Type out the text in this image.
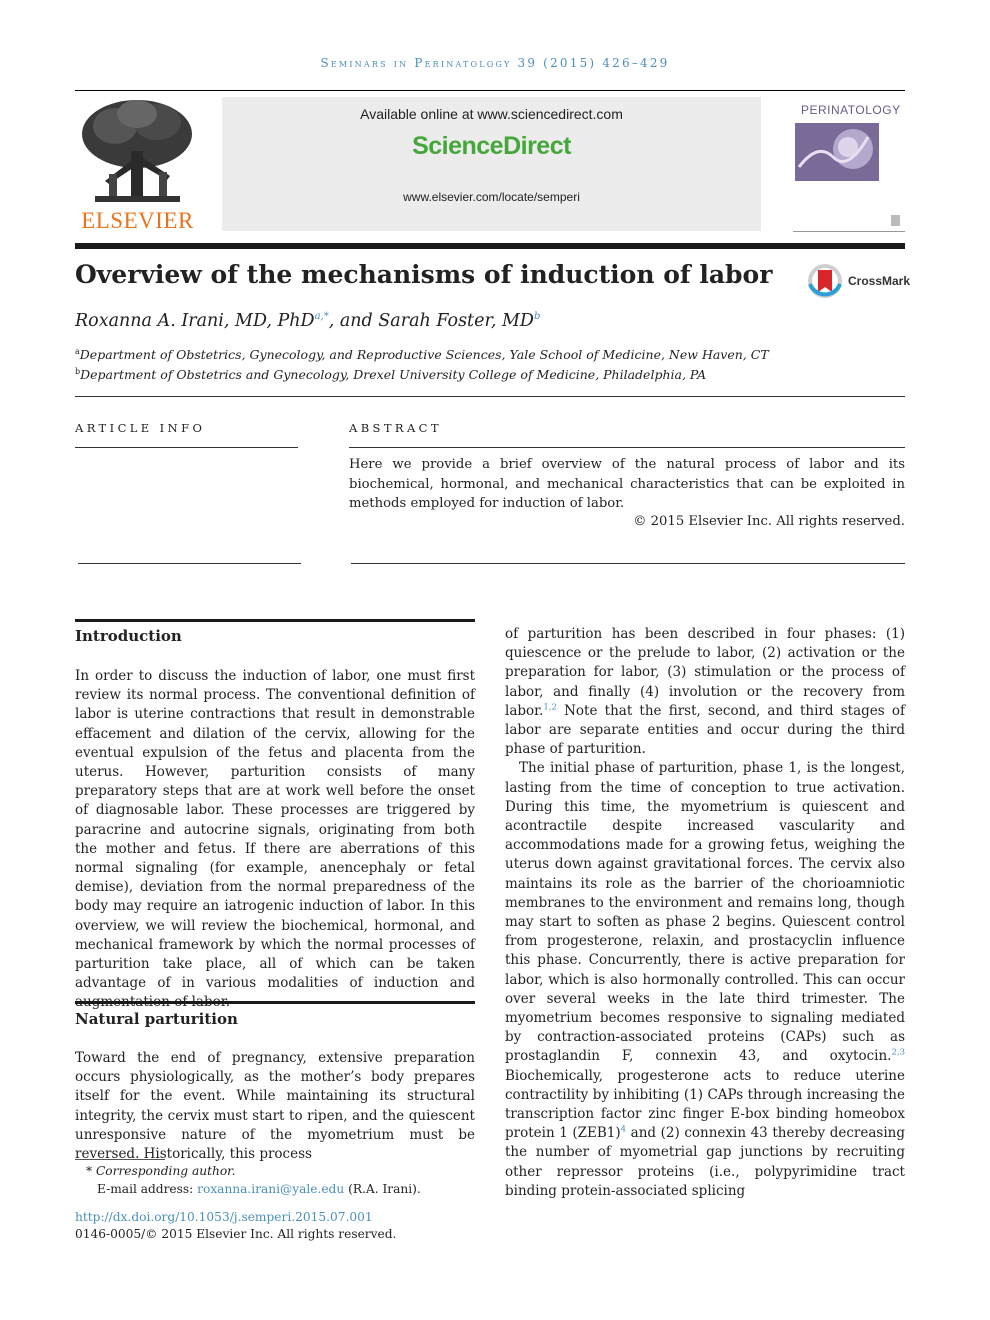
Seminars in Perinatology 39 (2015) 426–429
ELSEVIER
Available online at www.sciencedirect.com
ScienceDirect
www.elsevier.com/locate/semperi
PERINATOLOGY
Overview of the mechanisms of induction of labor	CrossMark
Roxanna A. Irani, MD, PhD$^{a,*}$, and Sarah Foster, $MD^b$
$^a$Department of Obstetrics, Gynecology, and Reproductive Sciences, Yale School of Medicine, New Haven, CT
$^b$Department of Obstetrics and Gynecology, Drexel University College of Medicine, Philadelphia, PA
ARTICLE INFO	ABSTRACT
Here we provide a brief overview of the natural process of labor and its biochemical, hormonal, and mechanical characteristics that can be exploited in methods employed for induction of labor.
© 2015 Elsevier Inc. All rights reserved.
Introduction

In order to discuss the induction of labor, one must first review its normal process. The conventional definition of labor is uterine contractions that result in demonstrable effacement and dilation of the cervix, allowing for the eventual expulsion of the fetus and placenta from the uterus. However, parturition consists of many preparatory steps that are at work well before the onset of diagnosable labor. These processes are triggered by paracrine and autocrine signals, originating from both the mother and fetus. If there are aberrations of this normal signaling (for example, anencephaly or fetal demise), deviation from the normal preparedness of the body may require an iatrogenic induction of labor. In this overview, we will review the biochemical, hormonal, and mechanical framework by which the normal processes of parturition take place, all of which can be taken advantage of in various modalities of induction and augmentation of labor.

Natural parturition

Toward the end of pregnancy, extensive preparation occurs physiologically, as the mother’s body prepares itself for the event. While maintaining its structural integrity, the cervix must start to ripen, and the quiescent unresponsive nature of the myometrium must be reversed. Historically, this process

of parturition has been described in four phases: (1) quiescence or the prelude to labor, (2) activation or the preparation for labor, (3) stimulation or the process of labor, and finally (4) involution or the recovery from labor.$^{1,2}$ Note that the first, second, and third stages of labor are separate entities and occur during the third phase of parturition.

The initial phase of parturition, phase 1, is the longest, lasting from the time of conception to true activation. During this time, the myometrium is quiescent and acontractile despite increased vascularity and accommodations made for a growing fetus, weighing the uterus down against gravitational forces. The cervix also maintains its role as the barrier of the chorioamniotic membranes to the environment and remains long, though may start to soften as phase 2 begins. Quiescent control from progesterone, relaxin, and prostacyclin influence this phase. Concurrently, there is active preparation for labor, which is also hormonally controlled. This can occur over several weeks in the late third trimester. The myometrium becomes responsive to signaling mediated by contraction-associated proteins (CAPs) such as prostaglandin F, connexin 43, and oxytocin.$^{2,3}$ Biochemically, progesterone acts to reduce uterine contractility by inhibiting (1) CAPs through increasing the transcription factor zinc finger E-box binding homeobox protein 1 (ZEB1)$^4$ and (2) connexin 43 thereby decreasing the number of myometrial gap junctions by recruiting other repressor proteins (i.e., polypyrimidine tract binding protein-associated splicing

* Corresponding author.
E-mail address: roxanna.irani@yale.edu (R.A. Irani).
http://dx.doi.org/10.1053/j.semperi.2015.07.001
0146-0005/© 2015 Elsevier Inc. All rights reserved.
